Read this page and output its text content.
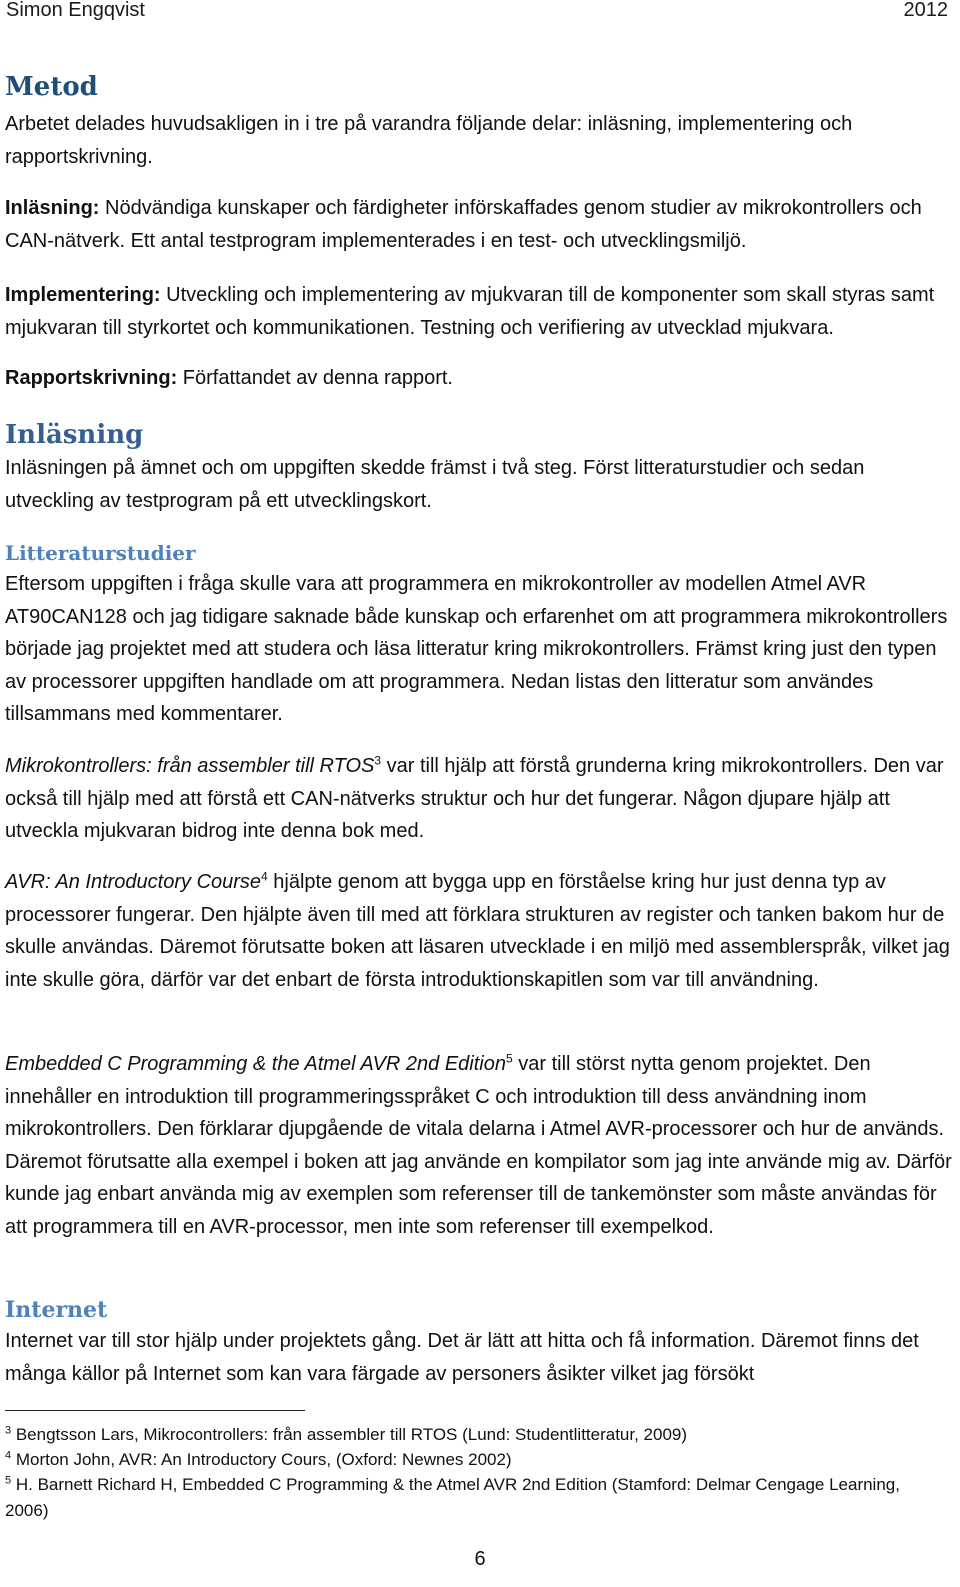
Simon Engqvist	2012
Metod

Arbetet delades huvudsakligen in i tre på varandra följande delar: inläsning, implementering och rapportskrivning.

Inläsning: Nödvändiga kunskaper och färdigheter införskaffades genom studier av mikrokontrollers och CAN-nätverk. Ett antal testprogram implementerades i en test- och utvecklingsmiljö.

Implementering: Utveckling och implementering av mjukvaran till de komponenter som skall styras samt mjukvaran till styrkortet och kommunikationen. Testning och verifiering av utvecklad mjukvara.

Rapportskrivning: Författandet av denna rapport.

Inläsning

Inläsningen på ämnet och om uppgiften skedde främst i två steg. Först litteraturstudier och sedan utveckling av testprogram på ett utvecklingskort.

Litteraturstudier

Eftersom uppgiften i fråga skulle vara att programmera en mikrokontroller av modellen Atmel AVR AT90CAN128 och jag tidigare saknade både kunskap och erfarenhet om att programmera mikrokontrollers började jag projektet med att studera och läsa litteratur kring mikrokontrollers. Främst kring just den typen av processorer uppgiften handlade om att programmera. Nedan listas den litteratur som användes tillsammans med kommentarer.

Mikrokontrollers: från assembler till RTOS$^3$ var till hjälp att förstå grunderna kring mikrokontrollers. Den var också till hjälp med att förstå ett CAN-nätverks struktur och hur det fungerar. Någon djupare hjälp att utveckla mjukvaran bidrog inte denna bok med.

AVR: An Introductory Course$^4$ hjälpte genom att bygga upp en förståelse kring hur just denna typ av processorer fungerar. Den hjälpte även till med att förklara strukturen av register och tanken bakom hur de skulle användas. Däremot förutsatte boken att läsaren utvecklade i en miljö med assemblerspråk, vilket jag inte skulle göra, därför var det enbart de första introduktionskapitlen som var till användning.

Embedded C Programming & the Atmel AVR 2nd Edition$^5$ var till störst nytta genom projektet. Den innehåller en introduktion till programmeringsspråket C och introduktion till dess användning inom mikrokontrollers. Den förklarar djupgående de vitala delarna i Atmel AVR-processorer och hur de används. Däremot förutsatte alla exempel i boken att jag använde en kompilator som jag inte använde mig av. Därför kunde jag enbart använda mig av exemplen som referenser till de tankemönster som måste användas för att programmera till en AVR-processor, men inte som referenser till exempelkod.

Internet

Internet var till stor hjälp under projektets gång. Det är lätt att hitta och få information. Däremot finns det många källor på Internet som kan vara färgade av personers åsikter vilket jag försökt

$^3$ Bengtsson Lars, Mikrocontrollers: från assembler till RTOS (Lund: Studentlitteratur, 2009)

$^4$ Morton John, AVR: An Introductory Cours, (Oxford: Newnes 2002)

$^5$ H. Barnett Richard H, Embedded C Programming & the Atmel AVR 2nd Edition (Stamford: Delmar Cengage Learning, 2006)

6
